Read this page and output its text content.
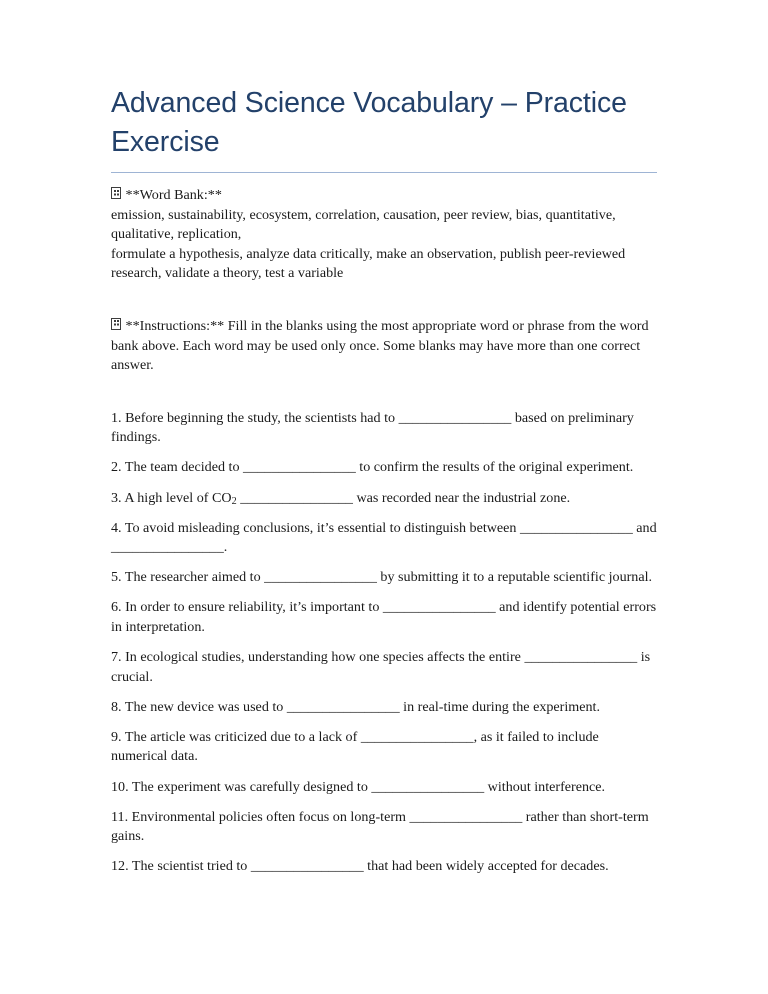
Advanced Science Vocabulary – Practice Exercise

**Word Bank:**

emission, sustainability, ecosystem, correlation, causation, peer review, bias, quantitative, qualitative, replication,

formulate a hypothesis, analyze data critically, make an observation, publish peer-reviewed research, validate a theory, test a variable

**Instructions:** Fill in the blanks using the most appropriate word or phrase from the word bank above. Each word may be used only once. Some blanks may have more than one correct answer.

1. Before beginning the study, the scientists had to ________________ based on preliminary findings.

2. The team decided to ________________ to confirm the results of the original experiment.

3. A high level of $CO_2$ ________________ was recorded near the industrial zone.

4. To avoid misleading conclusions, it’s essential to distinguish between ________________ and ________________.

5. The researcher aimed to ________________ by submitting it to a reputable scientific journal.

6. In order to ensure reliability, it’s important to ________________ and identify potential errors in interpretation.

7. In ecological studies, understanding how one species affects the entire ________________ is crucial.

8. The new device was used to ________________ in real-time during the experiment.

9. The article was criticized due to a lack of ________________, as it failed to include numerical data.

10. The experiment was carefully designed to ________________ without interference.

11. Environmental policies often focus on long-term ________________ rather than short-term gains.

12. The scientist tried to ________________ that had been widely accepted for decades.
